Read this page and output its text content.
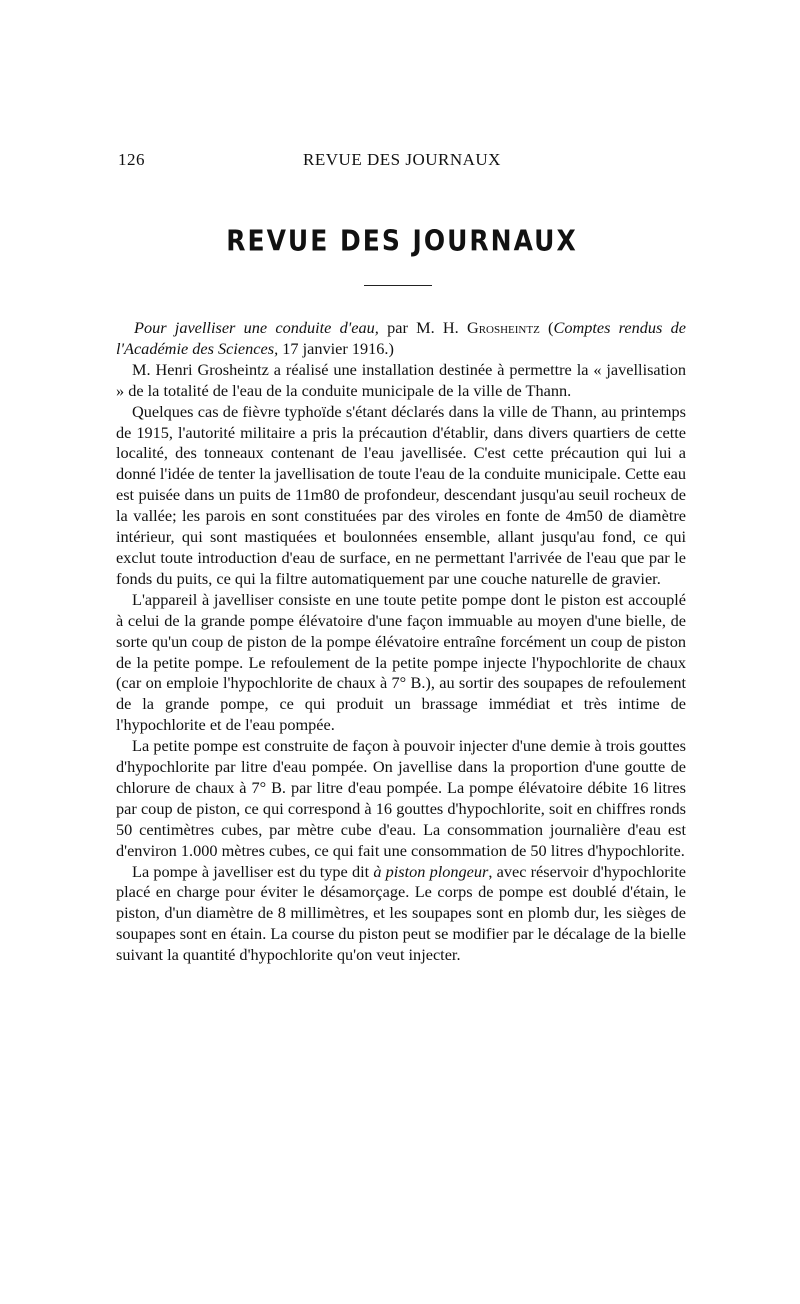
126	REVUE DES JOURNAUX
REVUE DES JOURNAUX

Pour javelliser une conduite d'eau, par M. H. Grosheintz (Comptes rendus de l'Académie des Sciences, 17 janvier 1916.)

M. Henri Grosheintz a réalisé une installation destinée à permettre la « javellisation » de la totalité de l'eau de la conduite municipale de la ville de Thann.

Quelques cas de fièvre typhoïde s'étant déclarés dans la ville de Thann, au printemps de 1915, l'autorité militaire a pris la précaution d'établir, dans divers quartiers de cette localité, des tonneaux contenant de l'eau javellisée. C'est cette précaution qui lui a donné l'idée de tenter la javellisation de toute l'eau de la conduite municipale. Cette eau est puisée dans un puits de 11m80 de profondeur, descendant jusqu'au seuil rocheux de la vallée; les parois en sont constituées par des viroles en fonte de 4m50 de diamètre intérieur, qui sont mastiquées et boulonnées ensemble, allant jusqu'au fond, ce qui exclut toute introduction d'eau de surface, en ne permettant l'arrivée de l'eau que par le fonds du puits, ce qui la filtre automatiquement par une couche naturelle de gravier.

L'appareil à javelliser consiste en une toute petite pompe dont le piston est accouplé à celui de la grande pompe élévatoire d'une façon immuable au moyen d'une bielle, de sorte qu'un coup de piston de la pompe élévatoire entraîne forcément un coup de piston de la petite pompe. Le refoulement de la petite pompe injecte l'hypochlorite de chaux (car on emploie l'hypochlorite de chaux à 7° B.), au sortir des soupapes de refoulement de la grande pompe, ce qui produit un brassage immédiat et très intime de l'hypochlorite et de l'eau pompée.

La petite pompe est construite de façon à pouvoir injecter d'une demie à trois gouttes d'hypochlorite par litre d'eau pompée. On javellise dans la proportion d'une goutte de chlorure de chaux à 7° B. par litre d'eau pompée. La pompe élévatoire débite 16 litres par coup de piston, ce qui correspond à 16 gouttes d'hypochlorite, soit en chiffres ronds 50 centimètres cubes, par mètre cube d'eau. La consommation journalière d'eau est d'environ 1.000 mètres cubes, ce qui fait une consommation de 50 litres d'hypochlorite.

La pompe à javelliser est du type dit à piston plongeur, avec réservoir d'hypochlorite placé en charge pour éviter le désamorçage. Le corps de pompe est doublé d'étain, le piston, d'un diamètre de 8 millimètres, et les soupapes sont en plomb dur, les sièges de soupapes sont en étain. La course du piston peut se modifier par le décalage de la bielle suivant la quantité d'hypochlorite qu'on veut injecter.
